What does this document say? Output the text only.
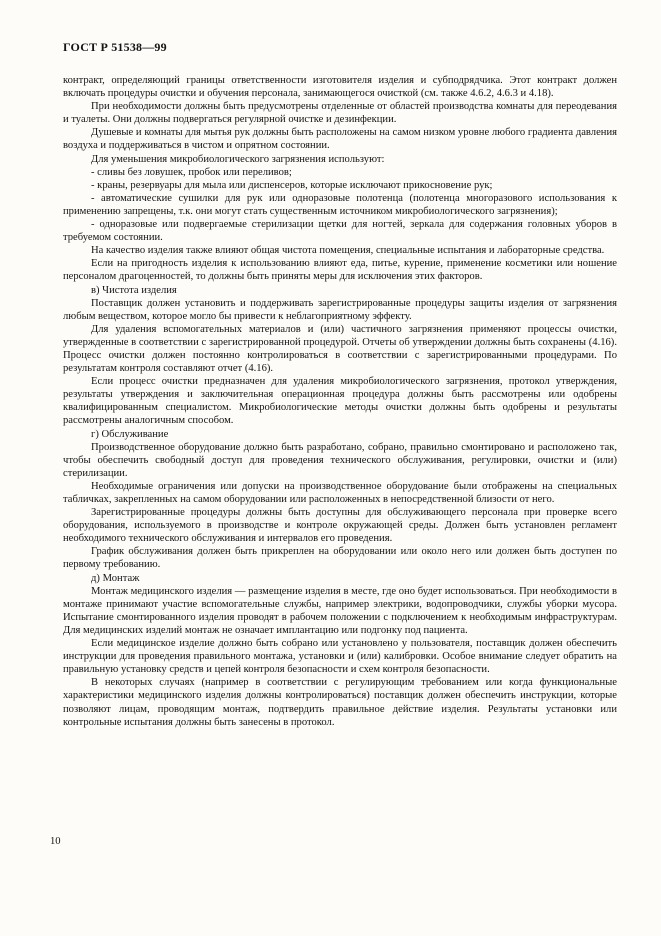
ГОСТ Р 51538—99

контракт, определяющий границы ответственности изготовителя изделия и субподрядчика. Этот контракт должен включать процедуры очистки и обучения персонала, занимающегося очисткой (см. также 4.6.2, 4.6.3 и 4.18).

При необходимости должны быть предусмотрены отделенные от областей производства комнаты для переодевания и туалеты. Они должны подвергаться регулярной очистке и дезинфекции.

Душевые и комнаты для мытья рук должны быть расположены на самом низком уровне любого градиента давления воздуха и поддерживаться в чистом и опрятном состоянии.

Для уменьшения микробиологического загрязнения используют:

- сливы без ловушек, пробок или переливов;

- краны, резервуары для мыла или диспенсеров, которые исключают прикосновение рук;

- автоматические сушилки для рук или одноразовые полотенца (полотенца многоразового использования к применению запрещены, т.к. они могут стать существенным источником микробиологического загрязнения);

- одноразовые или подвергаемые стерилизации щетки для ногтей, зеркала для содержания головных уборов в требуемом состоянии.

На качество изделия также влияют общая чистота помещения, специальные испытания и лабораторные средства.

Если на пригодность изделия к использованию влияют еда, питье, курение, применение косметики или ношение персоналом драгоценностей, то должны быть приняты меры для исключения этих факторов.

в) Чистота изделия

Поставщик должен установить и поддерживать зарегистрированные процедуры защиты изделия от загрязнения любым веществом, которое могло бы привести к неблагоприятному эффекту.

Для удаления вспомогательных материалов и (или) частичного загрязнения применяют процессы очистки, утвержденные в соответствии с зарегистрированной процедурой. Отчеты об утверждении должны быть сохранены (4.16). Процесс очистки должен постоянно контролироваться в соответствии с зарегистрированными процедурами. По результатам контроля составляют отчет (4.16).

Если процесс очистки предназначен для удаления микробиологического загрязнения, протокол утверждения, результаты утверждения и заключительная операционная процедура должны быть рассмотрены или одобрены квалифицированным специалистом. Микробиологические методы очистки должны быть одобрены и результаты рассмотрены аналогичным способом.

г) Обслуживание

Производственное оборудование должно быть разработано, собрано, правильно смонтировано и расположено так, чтобы обеспечить свободный доступ для проведения технического обслуживания, регулировки, очистки и (или) стерилизации.

Необходимые ограничения или допуски на производственное оборудование были отображены на специальных табличках, закрепленных на самом оборудовании или расположенных в непосредственной близости от него.

Зарегистрированные процедуры должны быть доступны для обслуживающего персонала при проверке всего оборудования, используемого в производстве и контроле окружающей среды. Должен быть установлен регламент необходимого технического обслуживания и интервалов его проведения.

График обслуживания должен быть прикреплен на оборудовании или около него или должен быть доступен по первому требованию.

д) Монтаж

Монтаж медицинского изделия — размещение изделия в месте, где оно будет использоваться. При необходимости в монтаже принимают участие вспомогательные службы, например электрики, водопроводчики, службы уборки мусора. Испытание смонтированного изделия проводят в рабочем положении с подключением к необходимым инфраструктурам. Для медицинских изделий монтаж не означает имплантацию или подгонку под пациента.

Если медицинское изделие должно быть собрано или установлено у пользователя, поставщик должен обеспечить инструкции для проведения правильного монтажа, установки и (или) калибровки. Особое внимание следует обратить на правильную установку средств и цепей контроля безопасности и схем контроля безопасности.

В некоторых случаях (например в соответствии с регулирующим требованием или когда функциональные характеристики медицинского изделия должны контролироваться) поставщик должен обеспечить инструкции, которые позволяют лицам, проводящим монтаж, подтвердить правильное действие изделия. Результаты установки или контрольные испытания должны быть занесены в протокол.

10
